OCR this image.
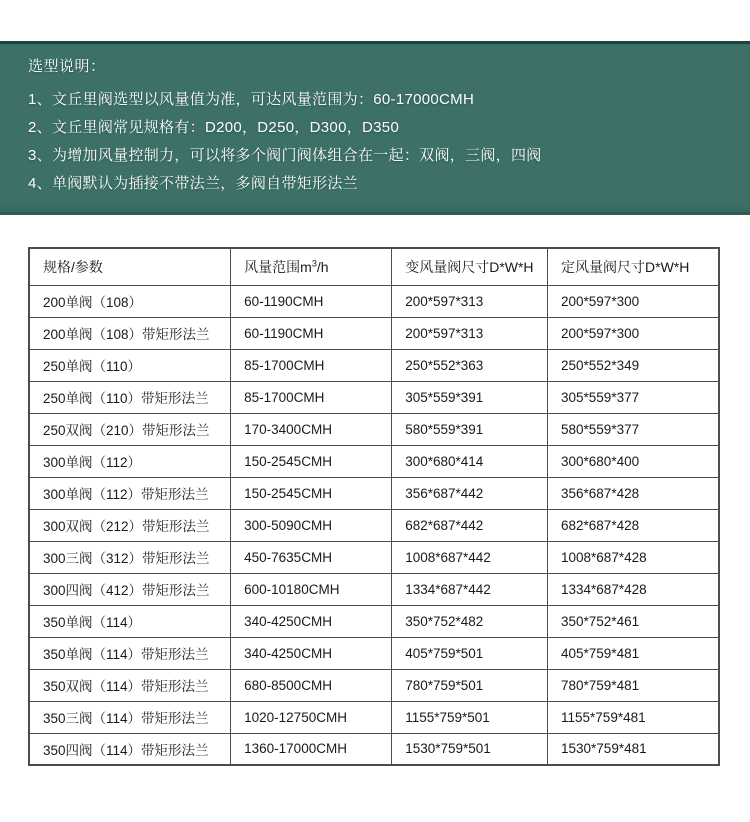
选型说明：
1、文丘里阀选型以风量值为准，可达风量范围为：60-17000CMH
2、文丘里阀常见规格有：D200，D250，D300，D350
3、为增加风量控制力，可以将多个阀门阀体组合在一起：双阀，三阀，四阀
4、单阀默认为插接不带法兰，多阀自带矩形法兰
规格/参数	风量范围$m^3/h$	变风量阀尺寸D*W*H	定风量阀尺寸D*W*H
200单阀（108）	60-1190CMH	200*597*313	200*597*300
200单阀（108）带矩形法兰	60-1190CMH	200*597*313	200*597*300
250单阀（110）	85-1700CMH	250*552*363	250*552*349
250单阀（110）带矩形法兰	85-1700CMH	305*559*391	305*559*377
250双阀（210）带矩形法兰	170-3400CMH	580*559*391	580*559*377
300单阀（112）	150-2545CMH	300*680*414	300*680*400
300单阀（112）带矩形法兰	150-2545CMH	356*687*442	356*687*428
300双阀（212）带矩形法兰	300-5090CMH	682*687*442	682*687*428
300三阀（312）带矩形法兰	450-7635CMH	1008*687*442	1008*687*428
300四阀（412）带矩形法兰	600-10180CMH	1334*687*442	1334*687*428
350单阀（114）	340-4250CMH	350*752*482	350*752*461
350单阀（114）带矩形法兰	340-4250CMH	405*759*501	405*759*481
350双阀（114）带矩形法兰	680-8500CMH	780*759*501	780*759*481
350三阀（114）带矩形法兰	1020-12750CMH	1155*759*501	1155*759*481
350四阀（114）带矩形法兰	1360-17000CMH	1530*759*501	1530*759*481
